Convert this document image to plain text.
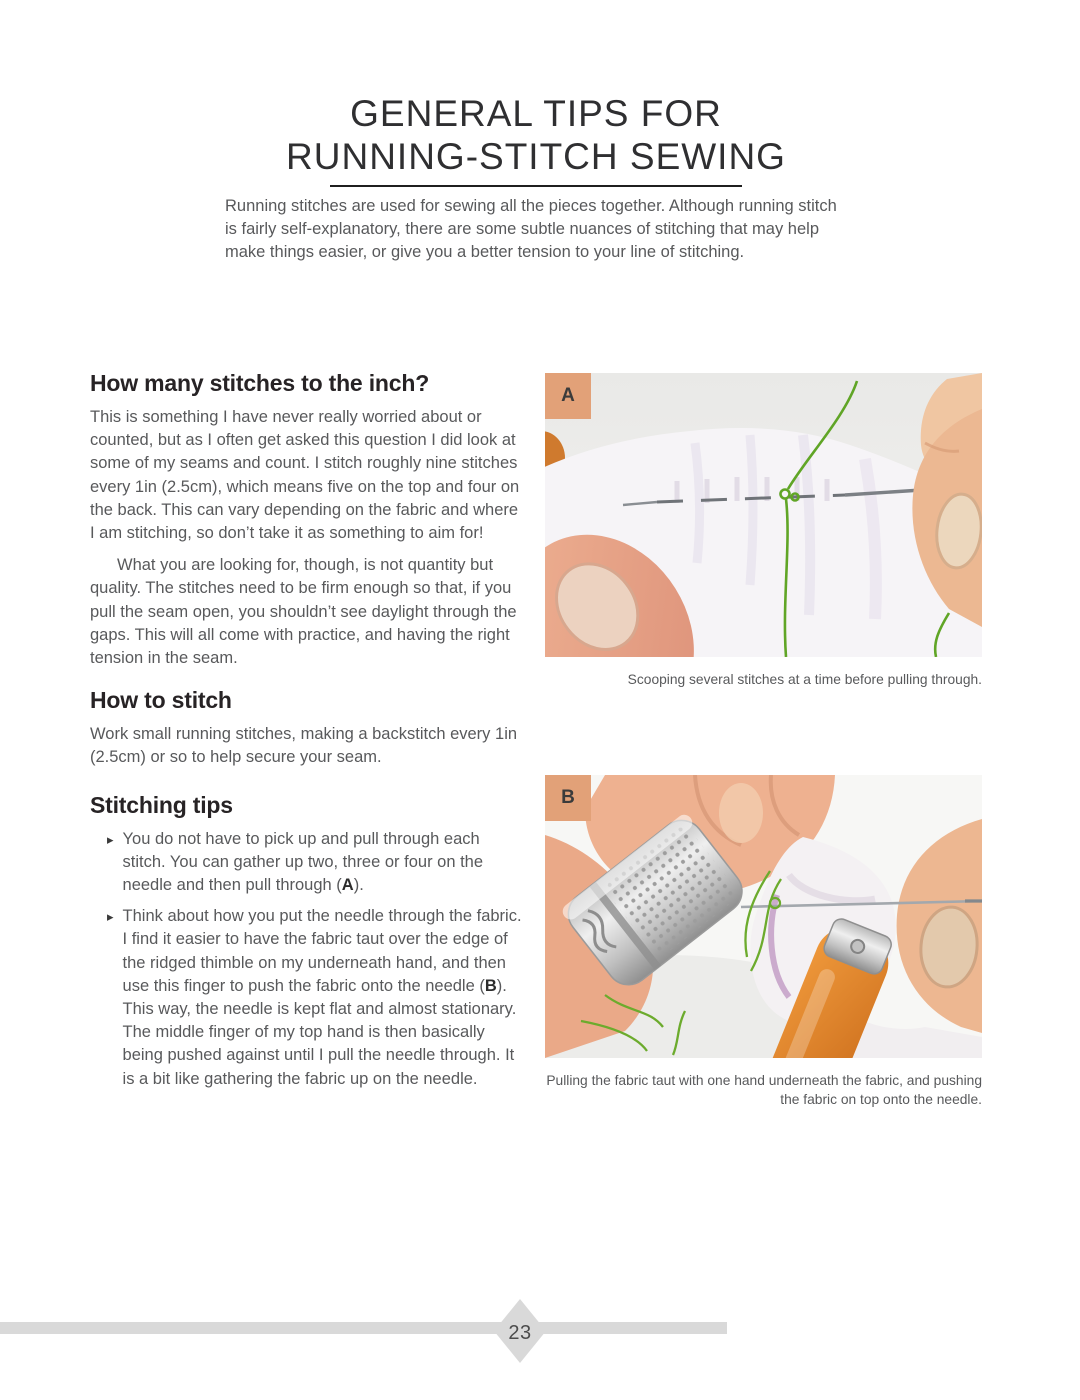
GENERAL TIPS FOR
RUNNING-STITCH SEWING

Running stitches are used for sewing all the pieces together. Although running stitch is fairly self-explanatory, there are some subtle nuances of stitching that may help make things easier, or give you a better tension to your line of stitching.

How many stitches to the inch?

This is something I have never really worried about or counted, but as I often get asked this question I did look at some of my seams and count. I stitch roughly nine stitches every 1in (2.5cm), which means five on the top and four on the back. This can vary depending on the fabric and where I am stitching, so don’t take it as something to aim for!

What you are looking for, though, is not quantity but quality. The stitches need to be firm enough so that, if you pull the seam open, you shouldn’t see daylight through the gaps. This will all come with practice, and having the right tension in the seam.

How to stitch

Work small running stitches, making a backstitch every 1in (2.5cm) or so to help secure your seam.

Stitching tips
▸ You do not have to pick up and pull through each stitch. You can gather up two, three or four on the needle and then pull through (A).
▸ Think about how you put the needle through the fabric. I find it easier to have the fabric taut over the edge of the ridged thimble on my underneath hand, and then use this finger to push the fabric onto the needle (B). This way, the needle is kept flat and almost stationary. The middle finger of my top hand is then basically being pushed against until I pull the needle through. It is a bit like gathering the fabric up on the needle.
A
Scooping several stitches at a time before pulling through.
B
Pulling the fabric taut with one hand underneath the fabric, and pushing the fabric on top onto the needle.
23
